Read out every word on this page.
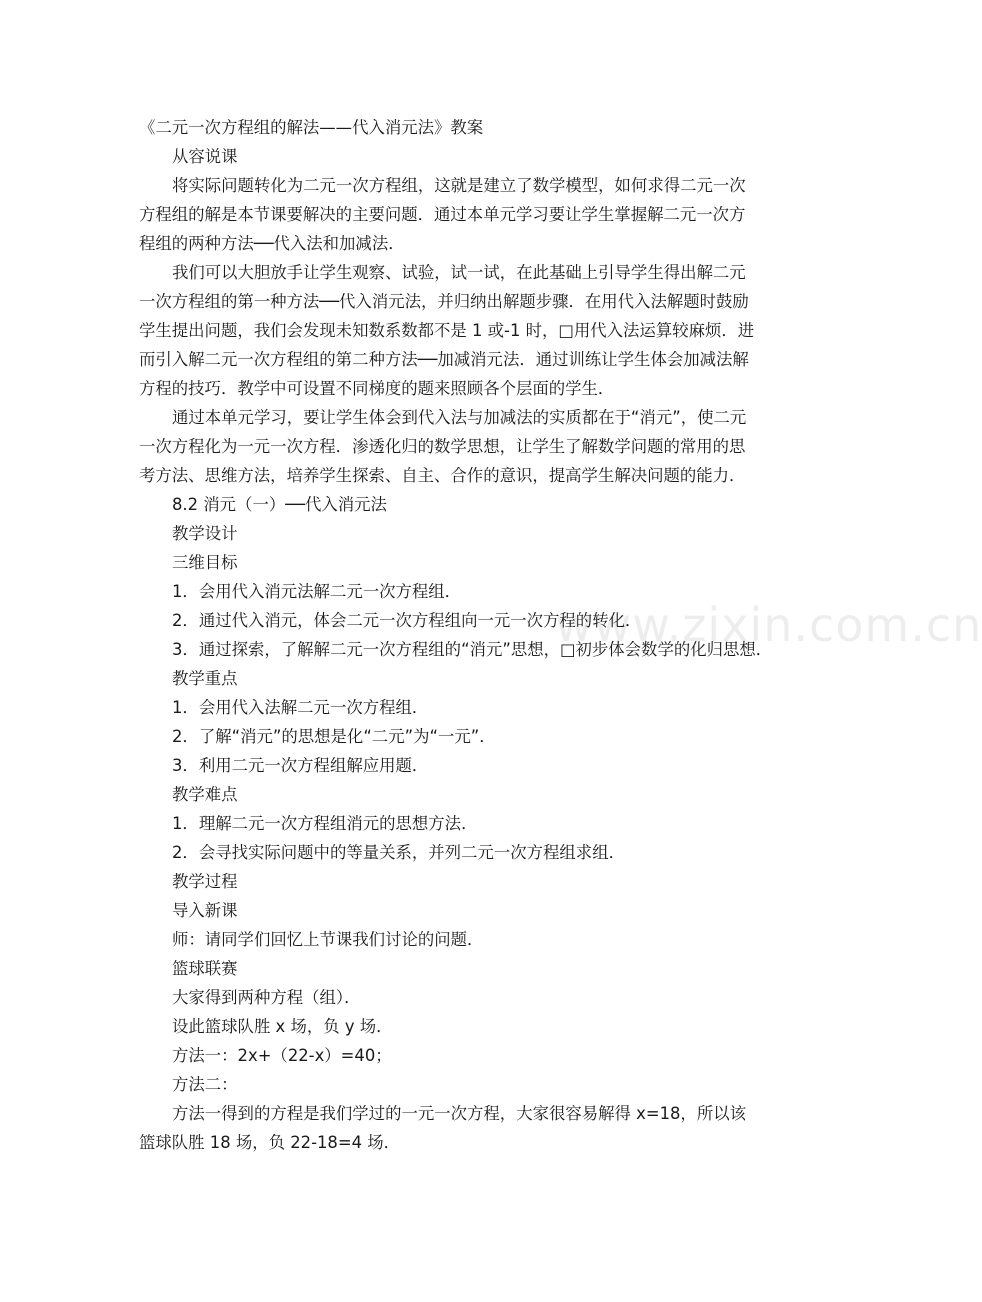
www.zixin.com.cn
《二元一次方程组的解法——代入消元法》教案
从容说课
将实际问题转化为二元一次方程组，这就是建立了数学模型，如何求得二元一次
方程组的解是本节课要解决的主要问题．通过本单元学习要让学生掌握解二元一次方
程组的两种方法──代入法和加减法．
我们可以大胆放手让学生观察、试验，试一试，在此基础上引导学生得出解二元
一次方程组的第一种方法──代入消元法，并归纳出解题步骤．在用代入法解题时鼓励
学生提出问题，我们会发现未知数系数都不是 1 或-1 时，□用代入法运算较麻烦．进
而引入解二元一次方程组的第二种方法──加减消元法．通过训练让学生体会加减法解
方程的技巧．教学中可设置不同梯度的题来照顾各个层面的学生．
通过本单元学习，要让学生体会到代入法与加减法的实质都在于“消元”，使二元
一次方程化为一元一次方程．渗透化归的数学思想，让学生了解数学问题的常用的思
考方法、思维方法，培养学生探索、自主、合作的意识，提高学生解决问题的能力．
8.2 消元（一）──代入消元法
教学设计
三维目标
1．会用代入消元法解二元一次方程组．
2．通过代入消元，体会二元一次方程组向一元一次方程的转化．
3．通过探索，了解解二元一次方程组的“消元”思想，□初步体会数学的化归思想．
教学重点
1．会用代入法解二元一次方程组．
2．了解“消元”的思想是化“二元”为“一元”．
3．利用二元一次方程组解应用题．
教学难点
1．理解二元一次方程组消元的思想方法．
2．会寻找实际问题中的等量关系，并列二元一次方程组求组．
教学过程
导入新课
师：请同学们回忆上节课我们讨论的问题．
篮球联赛
大家得到两种方程（组）．
设此篮球队胜 x 场，负 y 场．
方法一：2x+（22-x）=40；
方法二：
方法一得到的方程是我们学过的一元一次方程，大家很容易解得 x=18，所以该
篮球队胜 18 场，负 22-18=4 场．
